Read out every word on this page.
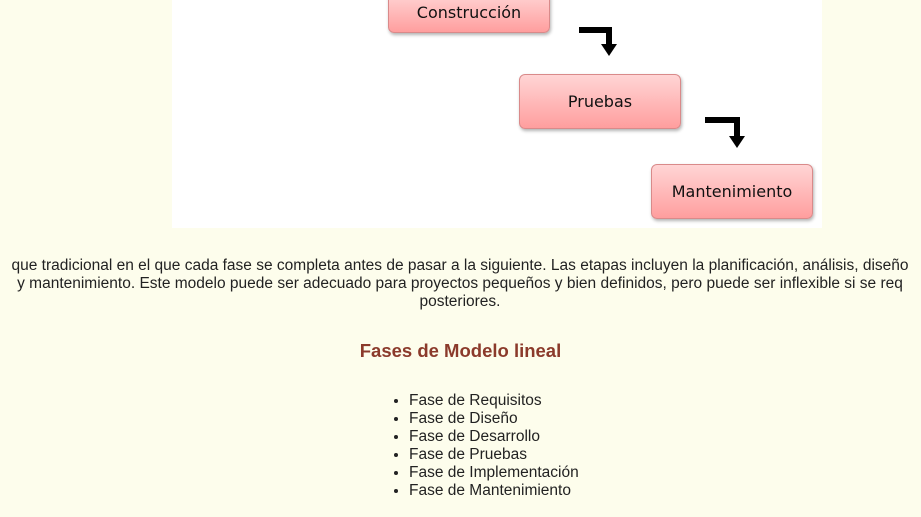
Construcción
Pruebas
Mantenimiento
que tradicional en el que cada fase se completa antes de pasar a la siguiente. Las etapas incluyen la planificación, análisis, diseño
y mantenimiento. Este modelo puede ser adecuado para proyectos pequeños y bien definidos, pero puede ser inflexible si se req
posteriores.
Fases de Modelo lineal
• Fase de Requisitos
• Fase de Diseño
• Fase de Desarrollo
• Fase de Pruebas
• Fase de Implementación
• Fase de Mantenimiento
